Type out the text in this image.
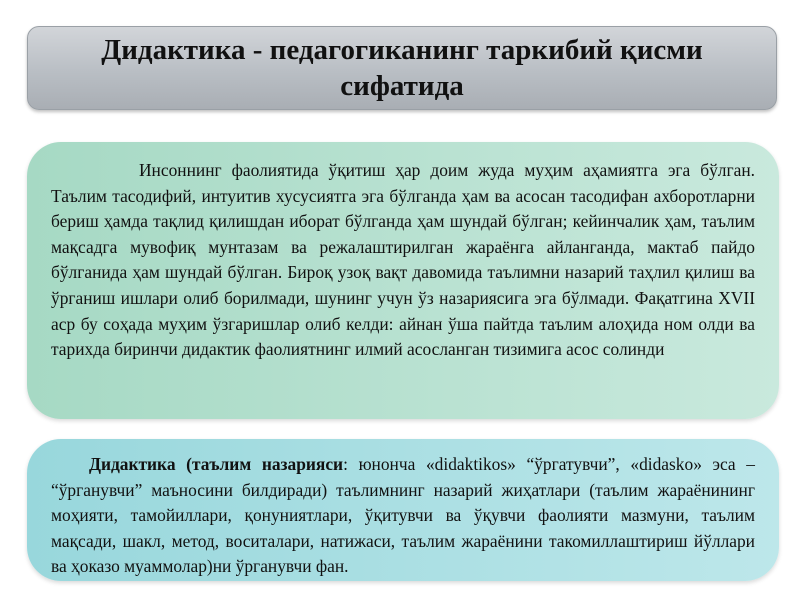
Дидактика - педагогиканинг таркибий қисми сифатида
Инсоннинг фаолиятида ўқитиш ҳар доим жуда муҳим аҳамиятга эга бўлган. Таълим тасодифий, интуитив хусусиятга эга бўлганда ҳам ва асосан тасодифан ахборотларни бериш ҳамда тақлид қилишдан иборат бўлганда ҳам шундай бўлган; кейинчалик ҳам, таълим мақсадга мувофиқ мунтазам ва режалаштирилган жараёнга айланганда, мактаб пайдо бўлганида ҳам шундай бўлган. Бироқ узоқ вақт давомида таълимни назарий таҳлил қилиш ва ўрганиш ишлари олиб борилмади, шунинг учун ўз назариясига эга бўлмади. Фақатгина XVII аср бу соҳада муҳим ўзгаришлар олиб келди: айнан ўша пайтда таълим алоҳида ном олди ва тарихда биринчи дидактик фаолиятнинг илмий асосланган тизимига асос солинди
Дидактика (таълим назарияси: юнонча «didaktikos» “ўргатувчи”, «didasko» эса – “ўрганувчи” маъносини билдиради) таълимнинг назарий жиҳатлари (таълим жараёнининг моҳияти, тамойиллари, қонуниятлари, ўқитувчи ва ўқувчи фаолияти мазмуни, таълим мақсади, шакл, метод, воситалари, натижаси, таълим жараёнини такомиллаштириш йўллари ва ҳоказо муаммолар)ни ўрганувчи фан.
